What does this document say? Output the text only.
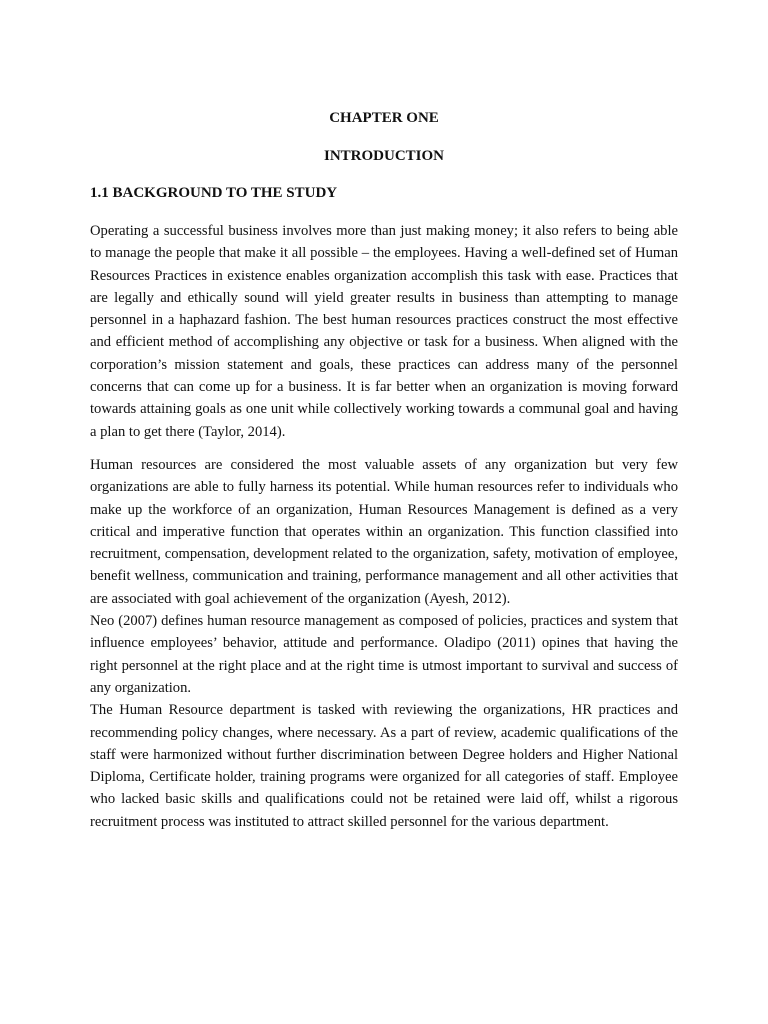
CHAPTER ONE
INTRODUCTION
1.1 BACKGROUND TO THE STUDY

Operating a successful business involves more than just making money; it also refers to being able to manage the people that make it all possible – the employees. Having a well-defined set of Human Resources Practices in existence enables organization accomplish this task with ease. Practices that are legally and ethically sound will yield greater results in business than attempting to manage personnel in a haphazard fashion. The best human resources practices construct the most effective and efficient method of accomplishing any objective or task for a business. When aligned with the corporation’s mission statement and goals, these practices can address many of the personnel concerns that can come up for a business. It is far better when an organization is moving forward towards attaining goals as one unit while collectively working towards a communal goal and having a plan to get there (Taylor, 2014).

Human resources are considered the most valuable assets of any organization but very few organizations are able to fully harness its potential. While human resources refer to individuals who make up the workforce of an organization, Human Resources Management is defined as a very critical and imperative function that operates within an organization. This function classified into recruitment, compensation, development related to the organization, safety, motivation of employee, benefit wellness, communication and training, performance management and all other activities that are associated with goal achievement of the organization (Ayesh, 2012).

Neo (2007) defines human resource management as composed of policies, practices and system that influence employees’ behavior, attitude and performance. Oladipo (2011) opines that having the right personnel at the right place and at the right time is utmost important to survival and success of any organization.

The Human Resource department is tasked with reviewing the organizations, HR practices and recommending policy changes, where necessary. As a part of review, academic qualifications of the staff were harmonized without further discrimination between Degree holders and Higher National Diploma, Certificate holder, training programs were organized for all categories of staff. Employee who lacked basic skills and qualifications could not be retained were laid off, whilst a rigorous recruitment process was instituted to attract skilled personnel for the various department.
